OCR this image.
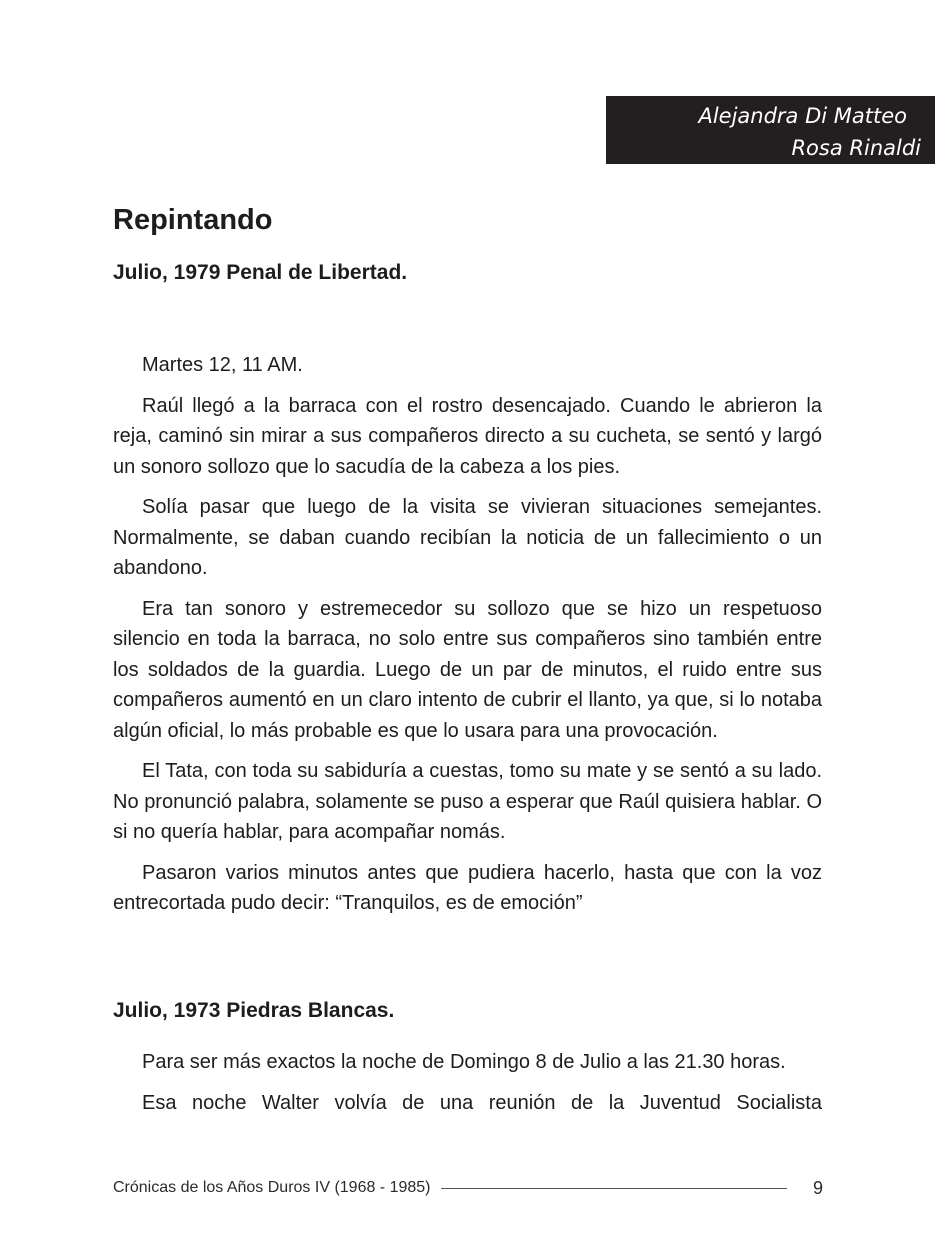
Alejandra Di Matteo
Rosa Rinaldi
Repintando
Julio, 1979 Penal de Libertad.

Martes 12, 11 AM.

Raúl llegó a la barraca con el rostro desencajado. Cuando le abrieron la reja, caminó sin mirar a sus compañeros directo a su cucheta, se sentó y largó un sonoro sollozo que lo sacudía de la cabeza a los pies.

Solía pasar que luego de la visita se vivieran situaciones semejantes. Normalmente, se daban cuando recibían la noticia de un fallecimiento o un abandono.

Era tan sonoro y estremecedor su sollozo que se hizo un respetuoso silencio en toda la barraca, no solo entre sus compañeros sino también entre los soldados de la guardia. Luego de un par de minutos, el ruido entre sus compañeros aumentó en un claro intento de cubrir el llanto, ya que, si lo notaba algún oficial, lo más probable es que lo usara para una provocación.

El Tata, con toda su sabiduría a cuestas, tomo su mate y se sentó a su lado. No pronunció palabra, solamente se puso a esperar que Raúl quisiera hablar. O si no quería hablar, para acompañar nomás.

Pasaron varios minutos antes que pudiera hacerlo, hasta que con la voz entrecortada pudo decir: “Tranquilos, es de emoción”

Julio, 1973 Piedras Blancas.

Para ser más exactos la noche de Domingo 8 de Julio a las 21.30 horas.

Esa noche Walter volvía de una reunión de la Juventud Socialista

Crónicas de los Años Duros IV (1968 - 1985)	9
